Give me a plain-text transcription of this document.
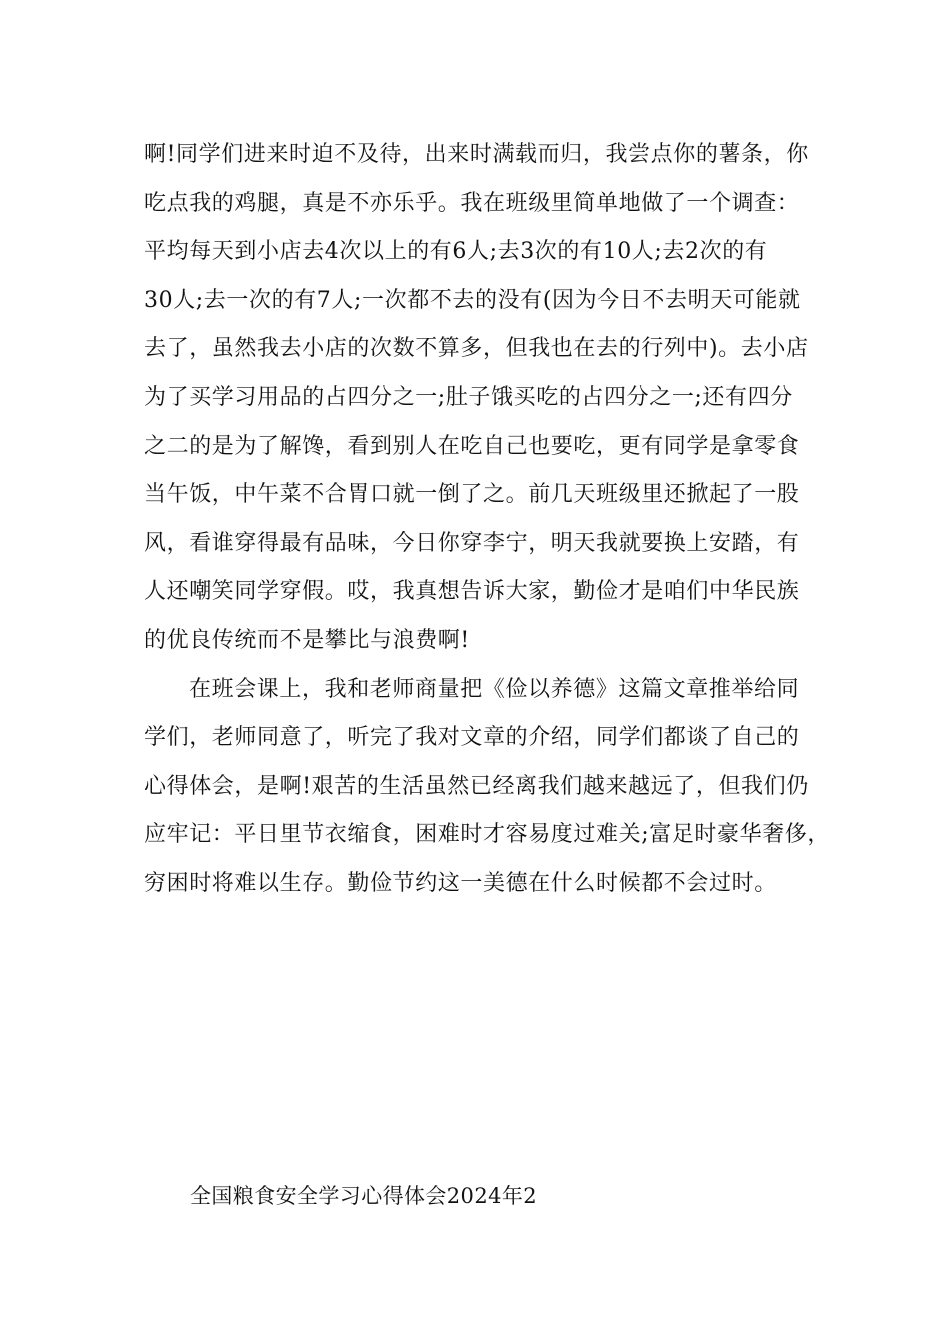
啊!同学们进来时迫不及待，出来时满载而归，我尝点你的薯条，你
吃点我的鸡腿，真是不亦乐乎。我在班级里简单地做了一个调查：
平均每天到小店去4次以上的有6人;去3次的有10人;去2次的有
30人;去一次的有7人;一次都不去的没有(因为今日不去明天可能就
去了，虽然我去小店的次数不算多，但我也在去的行列中)。去小店
为了买学习用品的占四分之一;肚子饿买吃的占四分之一;还有四分
之二的是为了解馋，看到别人在吃自己也要吃，更有同学是拿零食
当午饭，中午菜不合胃口就一倒了之。前几天班级里还掀起了一股
风，看谁穿得最有品味，今日你穿李宁，明天我就要换上安踏，有
人还嘲笑同学穿假。哎，我真想告诉大家，勤俭才是咱们中华民族
的优良传统而不是攀比与浪费啊!
在班会课上，我和老师商量把《俭以养德》这篇文章推举给同
学们，老师同意了，听完了我对文章的介绍，同学们都谈了自己的
心得体会，是啊!艰苦的生活虽然已经离我们越来越远了，但我们仍
应牢记：平日里节衣缩食，困难时才容易度过难关;富足时豪华奢侈，
穷困时将难以生存。勤俭节约这一美德在什么时候都不会过时。
全国粮食安全学习心得体会2024年2
